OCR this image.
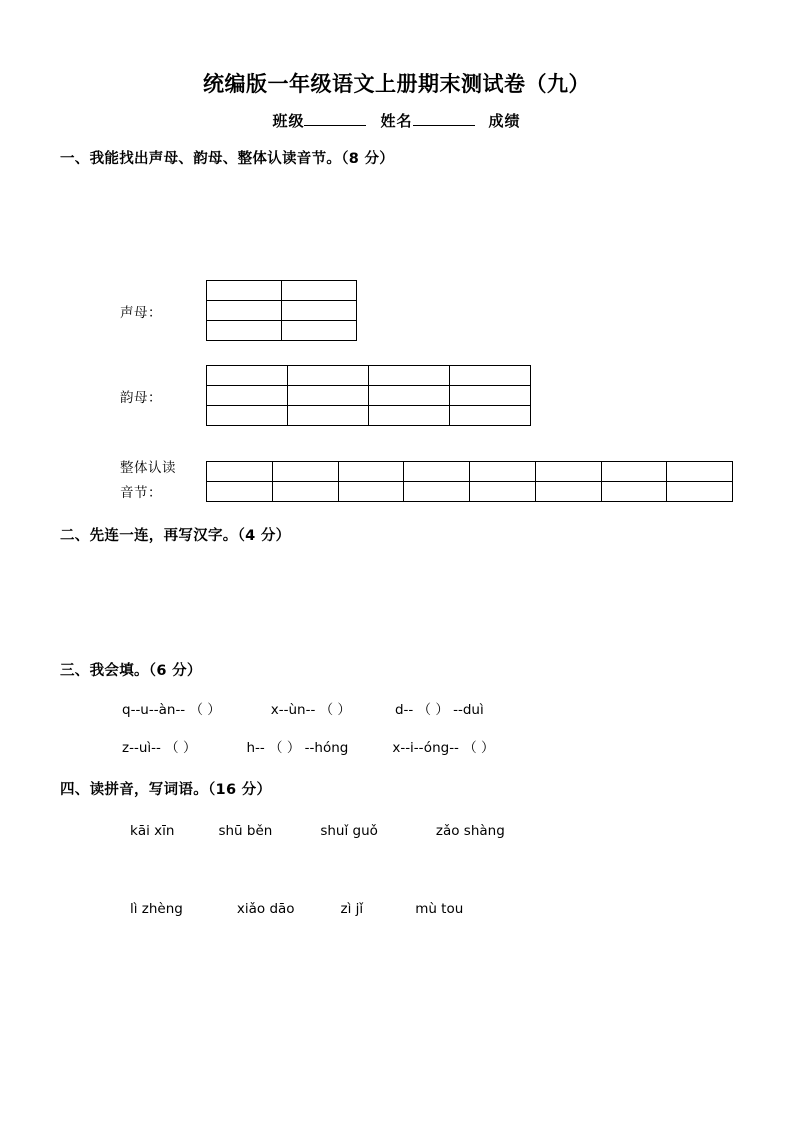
统编版一年级语文上册期末测试卷（九）
班级	姓名	成绩
一、我能找出声母、韵母、整体认读音节。（8 分）
声母：

韵母：

整体认读
音节：

二、先连一连，再写汉字。（4 分）
三、我会填。（6 分）
q--u--àn-- （ ）	x--ùn-- （ ）	d-- （ ） --duì
z--uì-- （ ）	h-- （ ） --hóng	x--i--óng-- （ ）
四、读拼音，写词语。（16 分）
kāi xīn	shū běn	shuǐ guǒ	zǎo shàng
lì zhèng	xiǎo dāo	zì jǐ	mù tou
